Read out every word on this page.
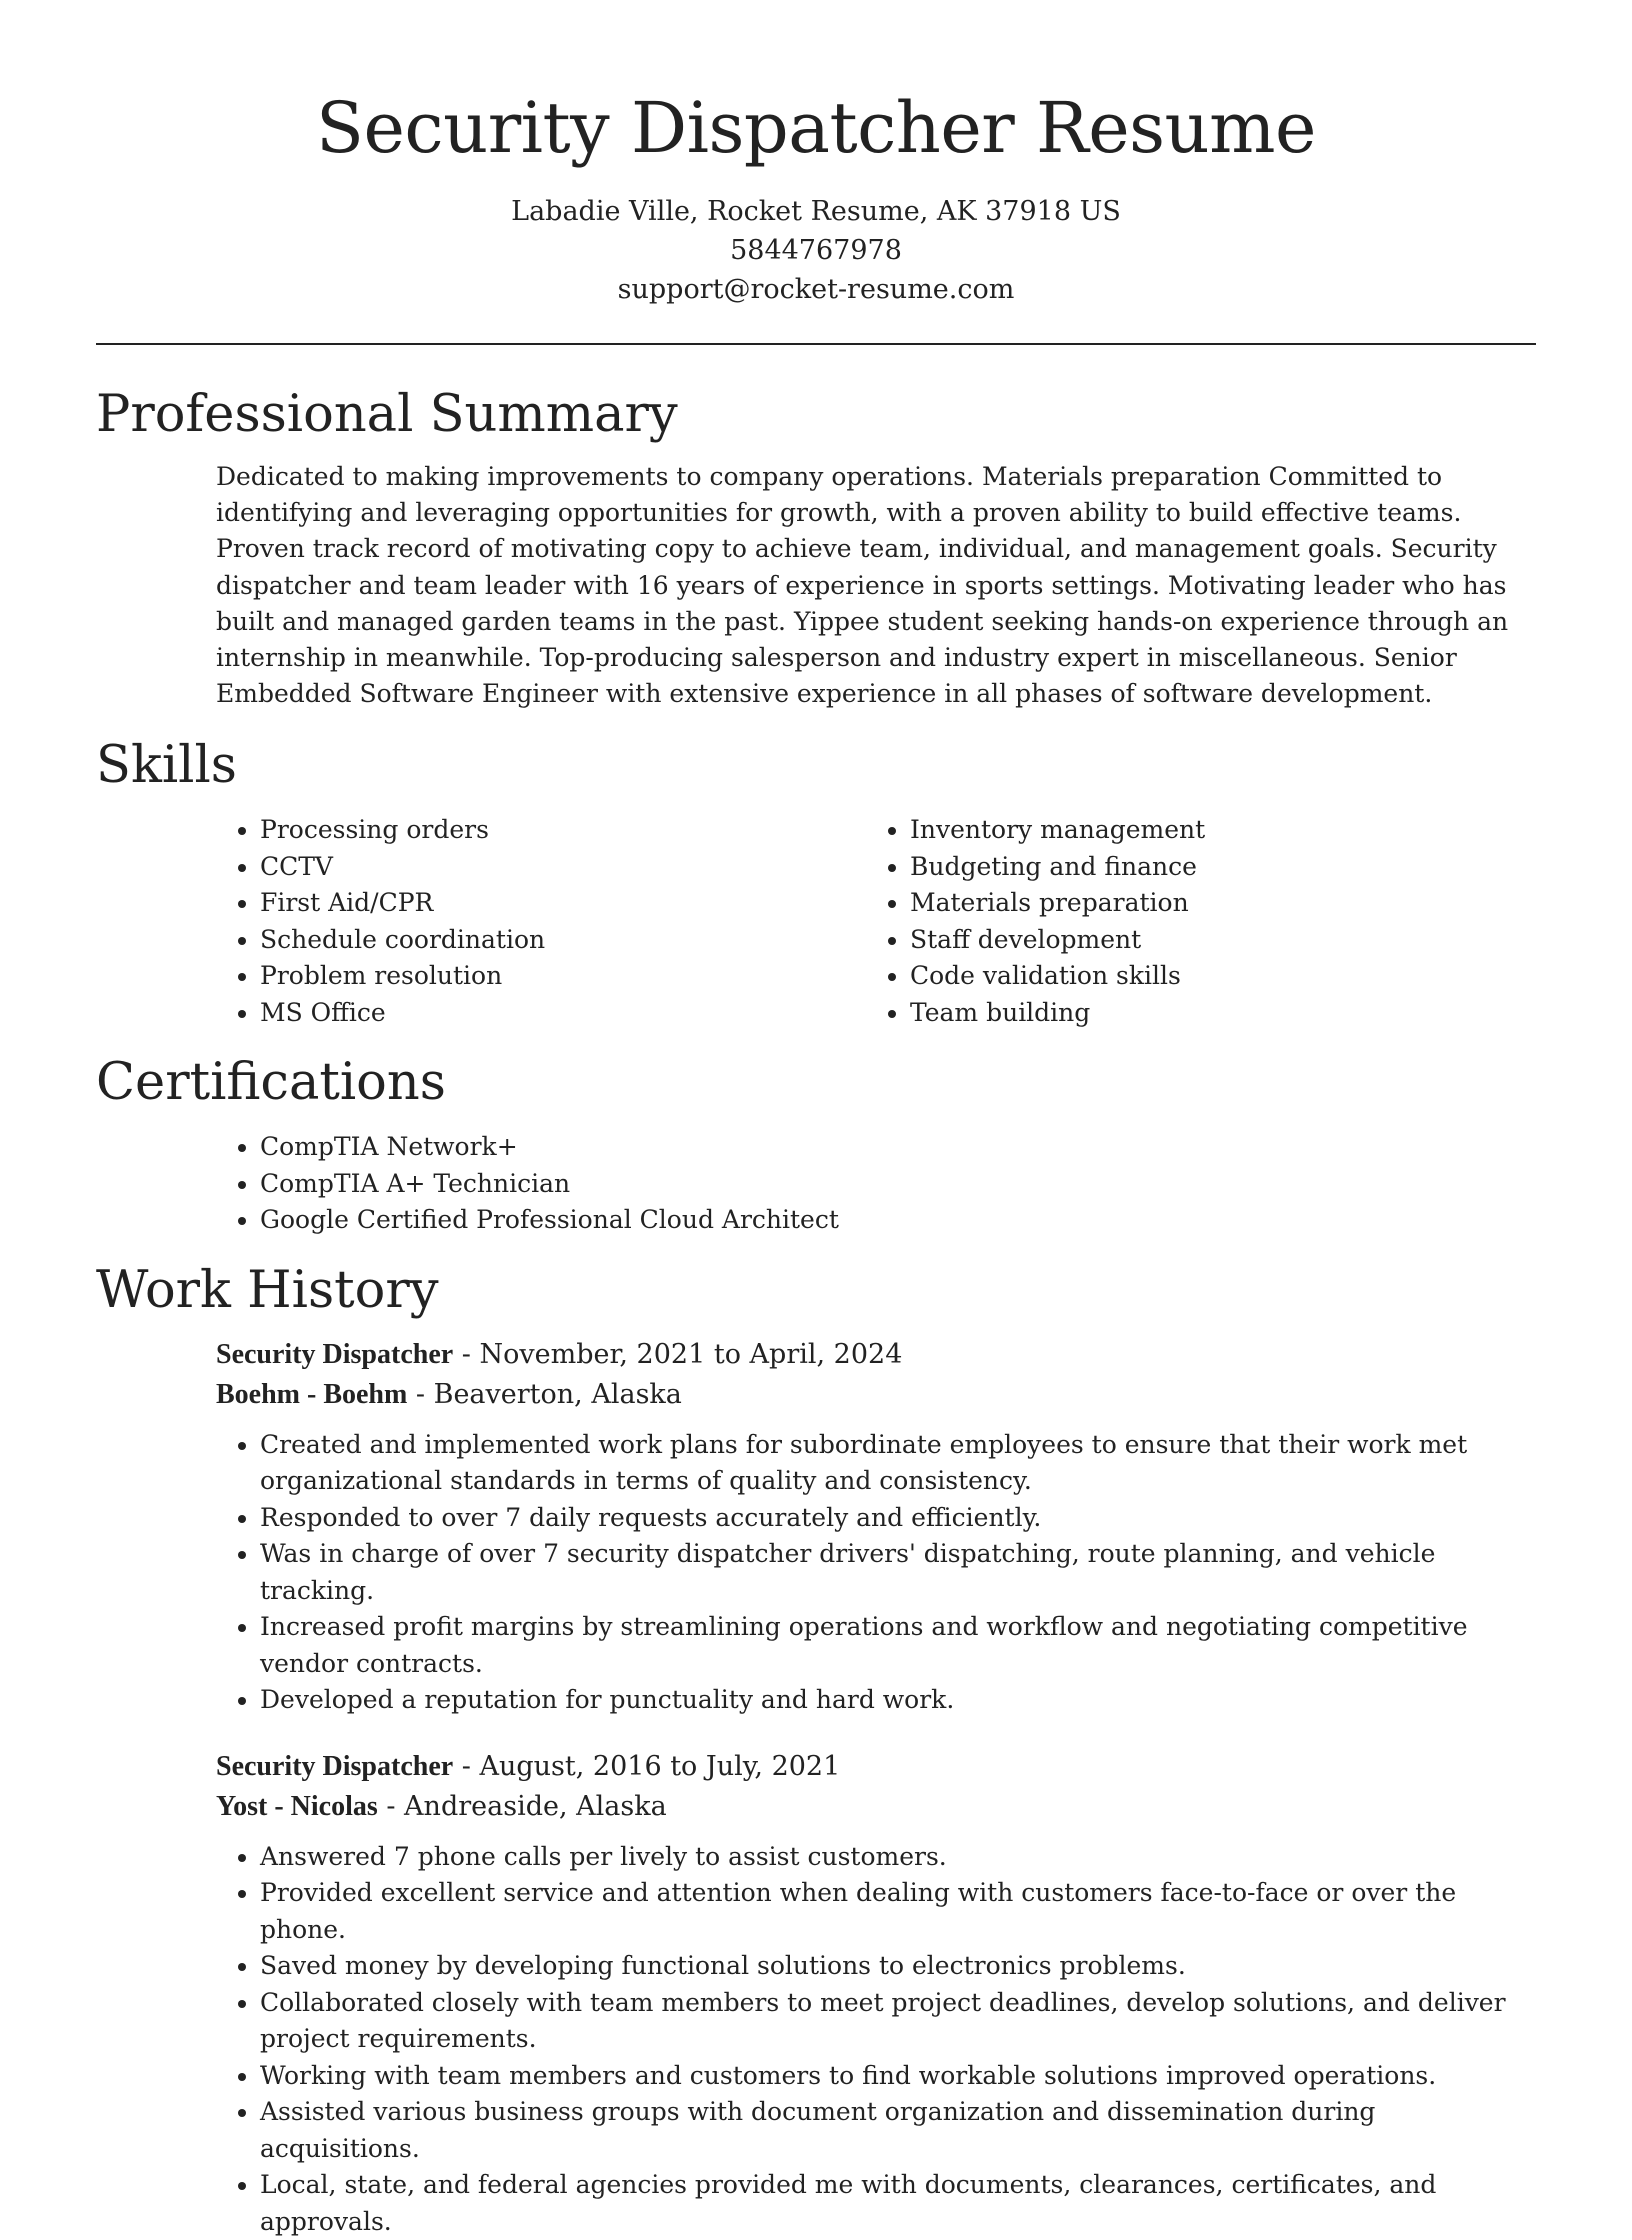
Security Dispatcher Resume
Labadie Ville, Rocket Resume, AK 37918 US
5844767978
support@rocket-resume.com
Professional Summary

Dedicated to making improvements to company operations. Materials preparation Committed to identifying and leveraging opportunities for growth, with a proven ability to build effective teams. Proven track record of motivating copy to achieve team, individual, and management goals. Security dispatcher and team leader with 16 years of experience in sports settings. Motivating leader who has built and managed garden teams in the past. Yippee student seeking hands-on experience through an internship in meanwhile. Top-producing salesperson and industry expert in miscellaneous. Senior Embedded Software Engineer with extensive experience in all phases of software development.

Skills
• Processing orders
• CCTV
• First Aid/CPR
• Schedule coordination
• Problem resolution
• MS Office
• Inventory management
• Budgeting and finance
• Materials preparation
• Staff development
• Code validation skills
• Team building
Certifications
• CompTIA Network+
• CompTIA A+ Technician
• Google Certified Professional Cloud Architect
Work History
Security Dispatcher - November, 2021 to April, 2024
Boehm - Boehm - Beaverton, Alaska
• Created and implemented work plans for subordinate employees to ensure that their work met organizational standards in terms of quality and consistency.
• Responded to over 7 daily requests accurately and efficiently.
• Was in charge of over 7 security dispatcher drivers' dispatching, route planning, and vehicle tracking.
• Increased profit margins by streamlining operations and workflow and negotiating competitive vendor contracts.
• Developed a reputation for punctuality and hard work.
Security Dispatcher - August, 2016 to July, 2021
Yost - Nicolas - Andreaside, Alaska
• Answered 7 phone calls per lively to assist customers.
• Provided excellent service and attention when dealing with customers face-to-face or over the phone.
• Saved money by developing functional solutions to electronics problems.
• Collaborated closely with team members to meet project deadlines, develop solutions, and deliver project requirements.
• Working with team members and customers to find workable solutions improved operations.
• Assisted various business groups with document organization and dissemination during acquisitions.
• Local, state, and federal agencies provided me with documents, clearances, certificates, and approvals.
